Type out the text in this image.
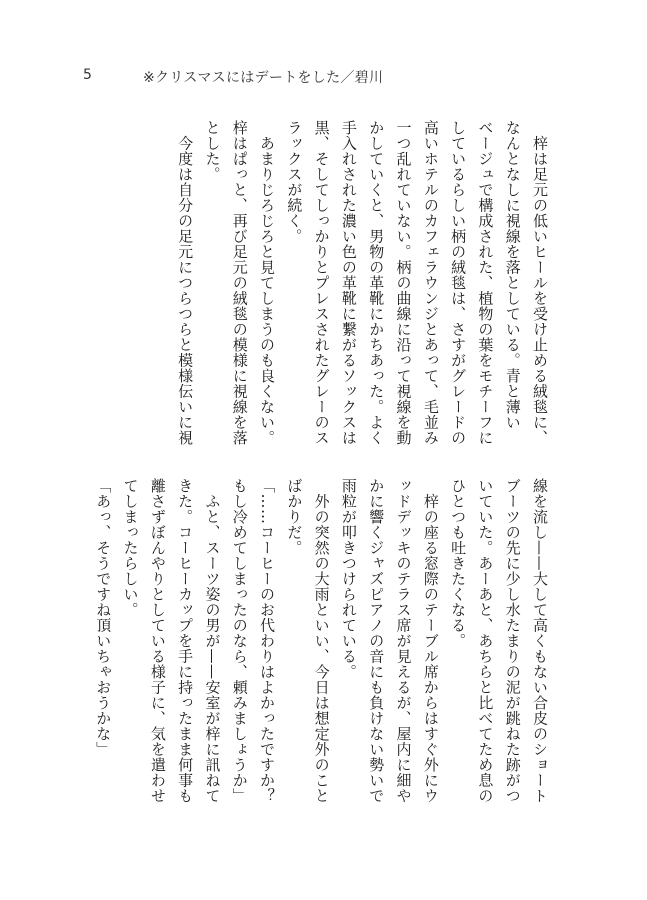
5	※クリスマスにはデートをした／碧川
　梓は足元の低いヒールを受け止める絨毯に、
なんとなしに視線を落としている。青と薄い
ベージュで構成された、植物の葉をモチーフに
しているらしい柄の絨毯は、さすがグレードの
高いホテルのカフェラウンジとあって、毛並み
一つ乱れていない。柄の曲線に沿って視線を動
かしていくと、男物の革靴にかちあった。よく
手入れされた濃い色の革靴に繋がるソックスは
黒、そしてしっかりとプレスされたグレーのス
ラックスが続く。
　あまりじろじろと見てしまうのも良くない。
梓はぱっと、再び足元の絨毯の模様に視線を落
とした。
　今度は自分の足元につらつらと模様伝いに視
線を流し——大して高くもない合皮のショート
ブーツの先に少し水たまりの泥が跳ねた跡がつ
いていた。あーあと、あちらと比べてため息の
ひとつも吐きたくなる。
　梓の座る窓際のテーブル席からはすぐ外にウ
ッドデッキのテラス席が見えるが、屋内に細や
かに響くジャズピアノの音にも負けない勢いで
雨粒が叩きつけられている。
　外の突然の大雨といい、今日は想定外のこと
ばかりだ。
「……コーヒーのお代わりはよかったですか？
もし冷めてしまったのなら、頼みましょうか」
　ふと、スーツ姿の男が——安室が梓に訊ねて
きた。コーヒーカップを手に持ったまま何事も
離さずぼんやりとしている様子に、気を遣わせ
てしまったらしい。
「あっ、そうですね頂いちゃおうかな」
